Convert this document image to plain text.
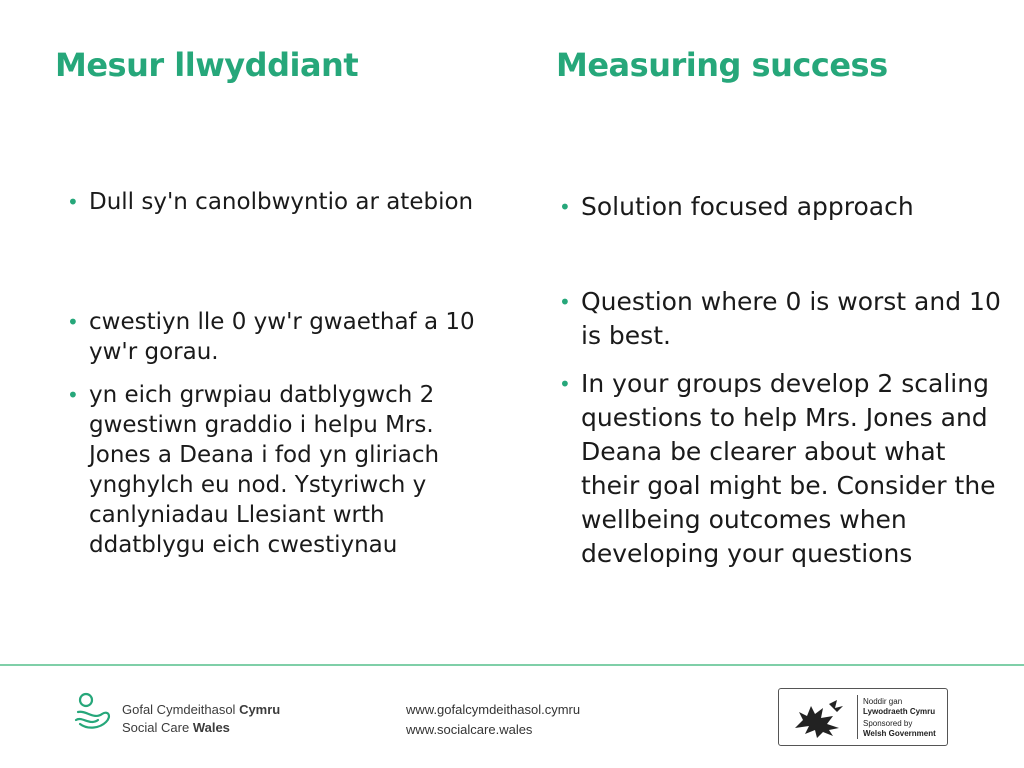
Mesur llwyddiant	Measuring success
• Dull sy'n canolbwyntio ar atebion
• cwestiyn lle 0 yw'r gwaethaf a 10 yw'r gorau.
• yn eich grwpiau datblygwch 2 gwestiwn graddio i helpu Mrs. Jones a Deana i fod yn gliriach ynghylch eu nod. Ystyriwch y canlyniadau Llesiant wrth ddatblygu eich cwestiynau
• Solution focused approach
• Question where 0 is worst and 10 is best.
• In your groups develop 2 scaling questions to help Mrs. Jones and Deana be clearer about what their goal might be. Consider the wellbeing outcomes when developing your questions
Gofal Cymdeithasol Cymru
Social Care Wales
www.gofalcymdeithasol.cymru
www.socialcare.wales
Noddir gan
Lywodraeth Cymru
Sponsored by
Welsh Government
